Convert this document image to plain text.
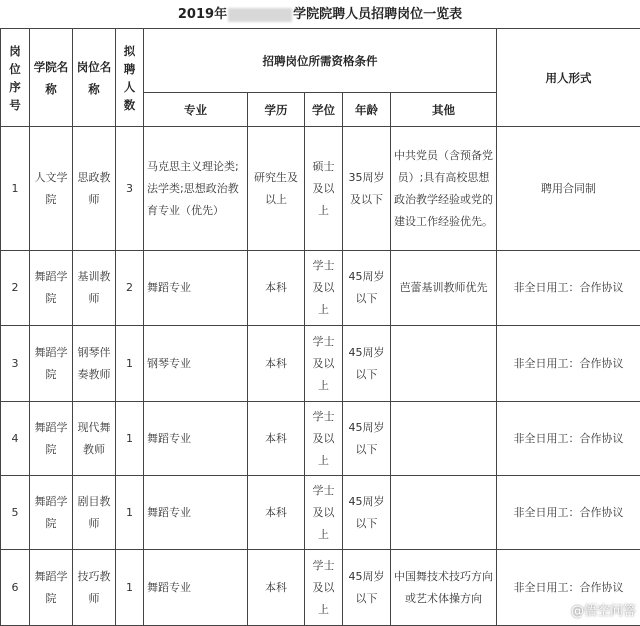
2019年	学院院聘人员招聘岗位一览表
岗位序号	学院名称	岗位名称	拟聘人数	招聘岗位所需资格条件					用人形式
				专业	学历	学位	年龄	其他	
1	人文学院	思政教师	3	马克思主义理论类;法学类;思想政治教育专业（优先）	研究生及以上	硕士及以上	35周岁及以下	中共党员（含预备党员）;具有高校思想政治教学经验或党的建设工作经验优先。	聘用合同制
2	舞蹈学院	基训教师	2	舞蹈专业	本科	学士及以上	45周岁以下	芭蕾基训教师优先	非全日用工：合作协议
3	舞蹈学院	钢琴伴奏教师	1	钢琴专业	本科	学士及以上	45周岁以下		非全日用工：合作协议
4	舞蹈学院	现代舞教师	1	舞蹈专业	本科	学士及以上	45周岁以下		非全日用工：合作协议
5	舞蹈学院	剧目教师	1	舞蹈专业	本科	学士及以上	45周岁以下		非全日用工：合作协议
6	舞蹈学院	技巧教师	1	舞蹈专业	本科	学士及以上	45周岁以下	中国舞技术技巧方向或艺术体操方向	非全日用工：合作协议
@悟空问答
